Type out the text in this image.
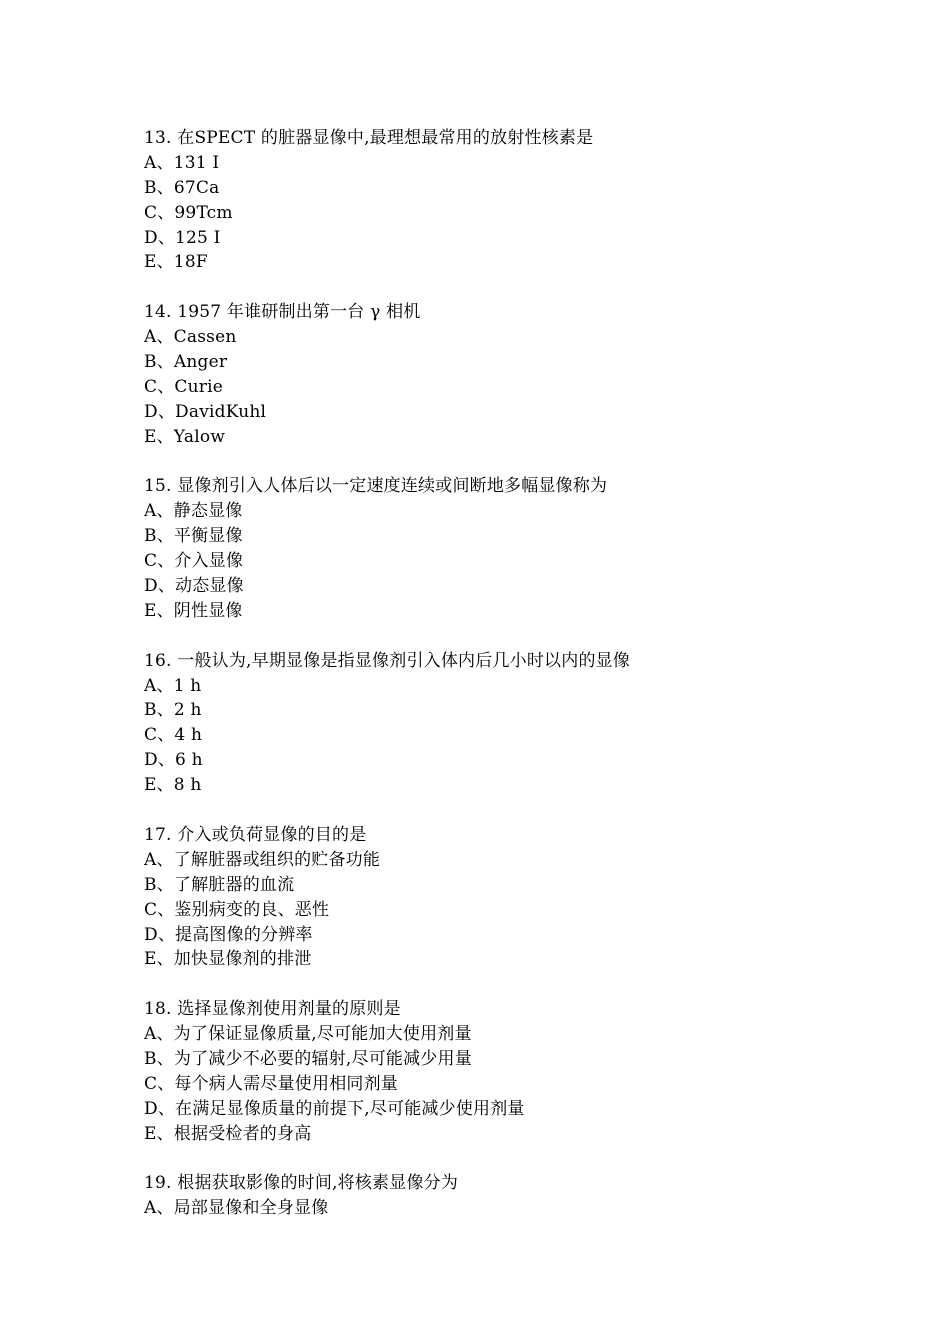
13. 在SPECT 的脏器显像中,最理想最常用的放射性核素是
A、131 I
B、67Ca
C、99Tcm
D、125 I
E、18F
14. 1957 年谁研制出第一台 γ 相机
A、Cassen
B、Anger
C、Curie
D、DavidKuhl
E、Yalow
15. 显像剂引入人体后以一定速度连续或间断地多幅显像称为
A、静态显像
B、平衡显像
C、介入显像
D、动态显像
E、阴性显像
16. 一般认为,早期显像是指显像剂引入体内后几小时以内的显像
A、1 h
B、2 h
C、4 h
D、6 h
E、8 h
17. 介入或负荷显像的目的是
A、了解脏器或组织的贮备功能
B、了解脏器的血流
C、鉴别病变的良、恶性
D、提高图像的分辨率
E、加快显像剂的排泄
18. 选择显像剂使用剂量的原则是
A、为了保证显像质量,尽可能加大使用剂量
B、为了减少不必要的辐射,尽可能减少用量
C、每个病人需尽量使用相同剂量
D、在满足显像质量的前提下,尽可能减少使用剂量
E、根据受检者的身高
19. 根据获取影像的时间,将核素显像分为
A、局部显像和全身显像
